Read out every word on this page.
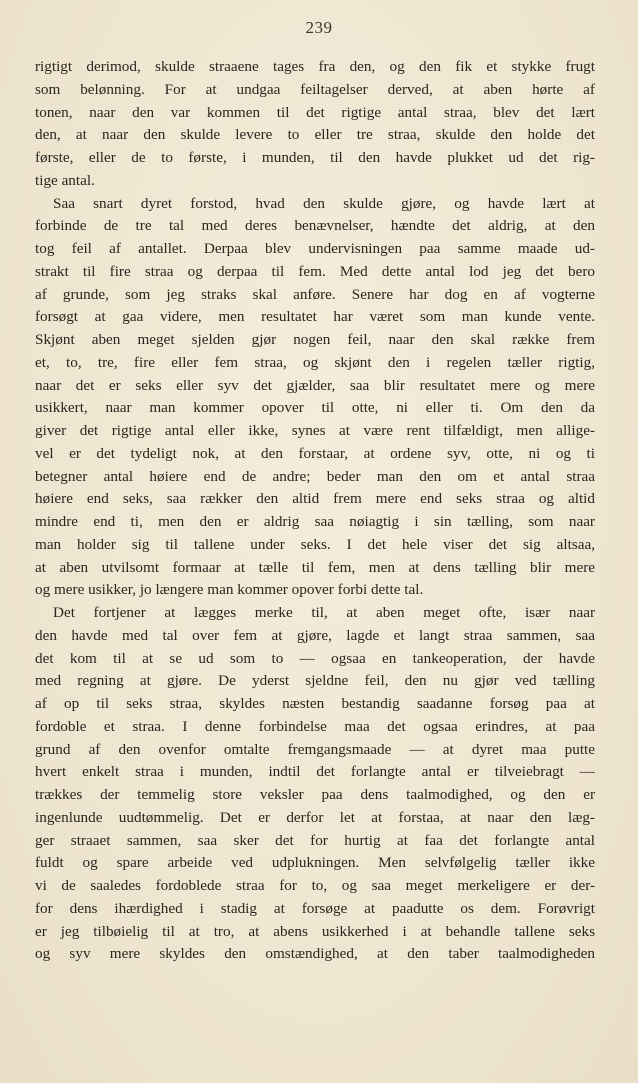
239
rigtigt derimod, skulde straaene tages fra den, og den fik et stykke frugt
som belønning. For at undgaa feiltagelser derved, at aben hørte af
tonen, naar den var kommen til det rigtige antal straa, blev det lært
den, at naar den skulde levere to eller tre straa, skulde den holde det
første, eller de to første, i munden, til den havde plukket ud det rig-
tige antal.
Saa snart dyret forstod, hvad den skulde gjøre, og havde lært at
forbinde de tre tal med deres benævnelser, hændte det aldrig, at den
tog feil af antallet. Derpaa blev undervisningen paa samme maade ud-
strakt til fire straa og derpaa til fem. Med dette antal lod jeg det bero
af grunde, som jeg straks skal anføre. Senere har dog en af vogterne
forsøgt at gaa videre, men resultatet har været som man kunde vente.
Skjønt aben meget sjelden gjør nogen feil, naar den skal række frem
et, to, tre, fire eller fem straa, og skjønt den i regelen tæller rigtig,
naar det er seks eller syv det gjælder, saa blir resultatet mere og mere
usikkert, naar man kommer opover til otte, ni eller ti. Om den da
giver det rigtige antal eller ikke, synes at være rent tilfældigt, men allige-
vel er det tydeligt nok, at den forstaar, at ordene syv, otte, ni og ti
betegner antal høiere end de andre; beder man den om et antal straa
høiere end seks, saa rækker den altid frem mere end seks straa og altid
mindre end ti, men den er aldrig saa nøiagtig i sin tælling, som naar
man holder sig til tallene under seks. I det hele viser det sig altsaa,
at aben utvilsomt formaar at tælle til fem, men at dens tælling blir mere
og mere usikker, jo længere man kommer opover forbi dette tal.
Det fortjener at lægges merke til, at aben meget ofte, især naar
den havde med tal over fem at gjøre, lagde et langt straa sammen, saa
det kom til at se ud som to — ogsaa en tankeoperation, der havde
med regning at gjøre. De yderst sjeldne feil, den nu gjør ved tælling
af op til seks straa, skyldes næsten bestandig saadanne forsøg paa at
fordoble et straa. I denne forbindelse maa det ogsaa erindres, at paa
grund af den ovenfor omtalte fremgangsmaade — at dyret maa putte
hvert enkelt straa i munden, indtil det forlangte antal er tilveiebragt —
trækkes der temmelig store veksler paa dens taalmodighed, og den er
ingenlunde uudtømmelig. Det er derfor let at forstaa, at naar den læg-
ger straaet sammen, saa sker det for hurtig at faa det forlangte antal
fuldt og spare arbeide ved udplukningen. Men selvfølgelig tæller ikke
vi de saaledes fordoblede straa for to, og saa meget merkeligere er der-
for dens ihærdighed i stadig at forsøge at paadutte os dem. Forøvrigt
er jeg tilbøielig til at tro, at abens usikkerhed i at behandle tallene seks
og syv mere skyldes den omstændighed, at den taber taalmodigheden
